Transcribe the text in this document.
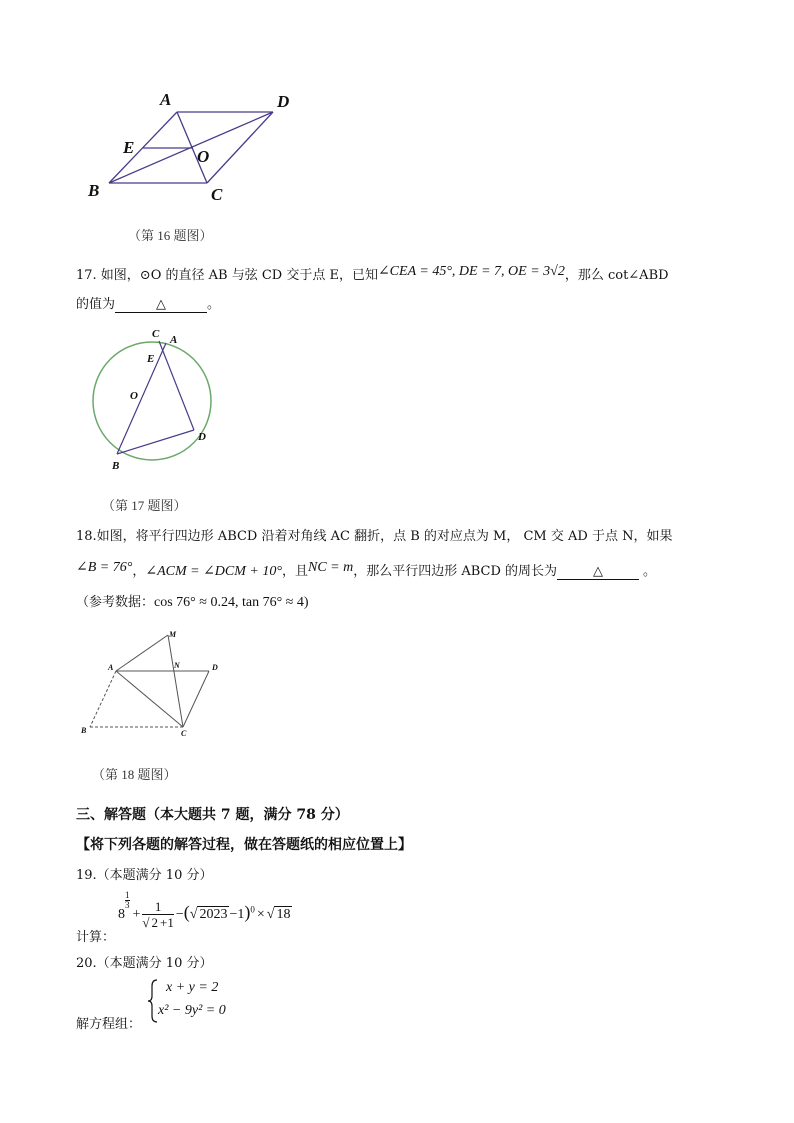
A	D
E	O
B	C
（第 16 题图）
17. 如图，⊙O 的直径 AB 与弦 CD 交于点 E，已知∠CEA = 45°, DE = 7, OE = 3√2，那么 cot∠ABD
的值为	△	。
C A
E
O
B
D
（第 17 题图）
18.如图，将平行四边形 ABCD 沿着对角线 AC 翻折，点 B 的对应点为 M， CM 交 AD 于点 N，如果
∠B = 76°，∠ACM = ∠DCM + 10°，且NC = m，那么平行四边形 ABCD 的周长为	△	。
（参考数据：cos 76° ≈ 0.24, tan 76° ≈ 4)
M
A	N	D
B	C
（第 18 题图）
三、解答题（本大题共 7 题，满分 78 分）
【将下列各题的解答过程，做在答题纸的相应位置上】
19.（本题满分 10 分）
8
$\frac{1}{3}$
+ $\frac{1}{√ 2 +1}$ −(√ 2023 −1)$^0$ × √ 18
计算：
20.（本题满分 10 分）
x + y = 2
x² − 9y² = 0
解方程组：
